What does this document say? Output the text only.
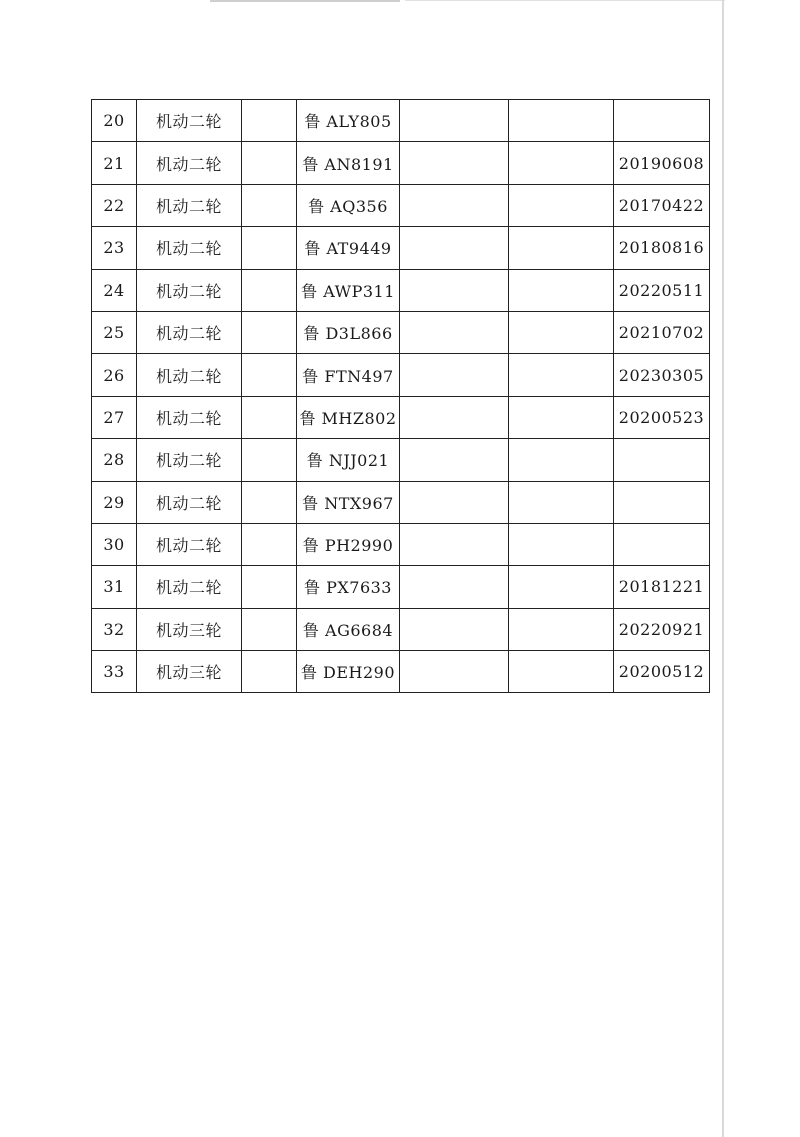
20	机动二轮		鲁 ALY805			
21	机动二轮		鲁 AN8191			20190608
22	机动二轮		鲁 AQ356			20170422
23	机动二轮		鲁 AT9449			20180816
24	机动二轮		鲁 AWP311			20220511
25	机动二轮		鲁 D3L866			20210702
26	机动二轮		鲁 FTN497			20230305
27	机动二轮		鲁 MHZ802			20200523
28	机动二轮		鲁 NJJ021			
29	机动二轮		鲁 NTX967			
30	机动二轮		鲁 PH2990			
31	机动二轮		鲁 PX7633			20181221
32	机动三轮		鲁 AG6684			20220921
33	机动三轮		鲁 DEH290			20200512
